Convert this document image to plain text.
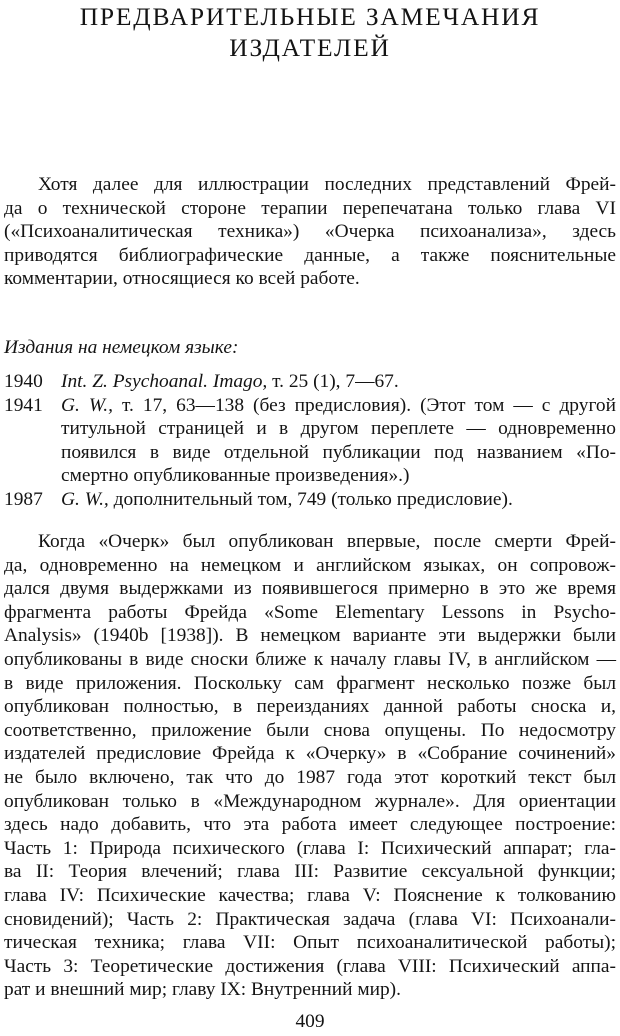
ПРЕДВАРИТЕЛЬНЫЕ ЗАМЕЧАНИЯ
ИЗДАТЕЛЕЙ

Хотя далее для иллюстрации последних представлений Фрей-
да о технической стороне терапии перепечатана только глава VI
(«Психоаналитическая техника») «Очерка психоанализа», здесь
приводятся библиографические данные, а также пояснительные
комментарии, относящиеся ко всей работе.

Издания на немецком языке:

1940 Int. Z. Psychoanal. Imago, т. 25 (1), 7—67.
1941 G. W., т. 17, 63—138 (без предисловия). (Этот том — с другой
титульной страницей и в другом переплете — одновременно
появился в виде отдельной публикации под названием «По-
смертно опубликованные произведения».)
1987 G. W., дополнительный том, 749 (только предисловие).

Когда «Очерк» был опубликован впервые, после смерти Фрей-
да, одновременно на немецком и английском языках, он сопровож-
дался двумя выдержками из появившегося примерно в это же время
фрагмента работы Фрейда «Some Elementary Lessons in Psycho-
Analysis» (1940b [1938]). В немецком варианте эти выдержки были
опубликованы в виде сноски ближе к началу главы IV, в английском —
в виде приложения. Поскольку сам фрагмент несколько позже был
опубликован полностью, в переизданиях данной работы сноска и,
соответственно, приложение были снова опущены. По недосмотру
издателей предисловие Фрейда к «Очерку» в «Собрание сочинений»
не было включено, так что до 1987 года этот короткий текст был
опубликован только в «Международном журнале». Для ориентации
здесь надо добавить, что эта работа имеет следующее построение:
Часть 1: Природа психического (глава I: Психический аппарат; гла-
ва II: Теория влечений; глава III: Развитие сексуальной функции;
глава IV: Психические качества; глава V: Пояснение к толкованию
сновидений); Часть 2: Практическая задача (глава VI: Психоанали-
тическая техника; глава VII: Опыт психоаналитической работы);
Часть 3: Теоретические достижения (глава VIII: Психический аппа-
рат и внешний мир; главу IX: Внутренний мир).

409
